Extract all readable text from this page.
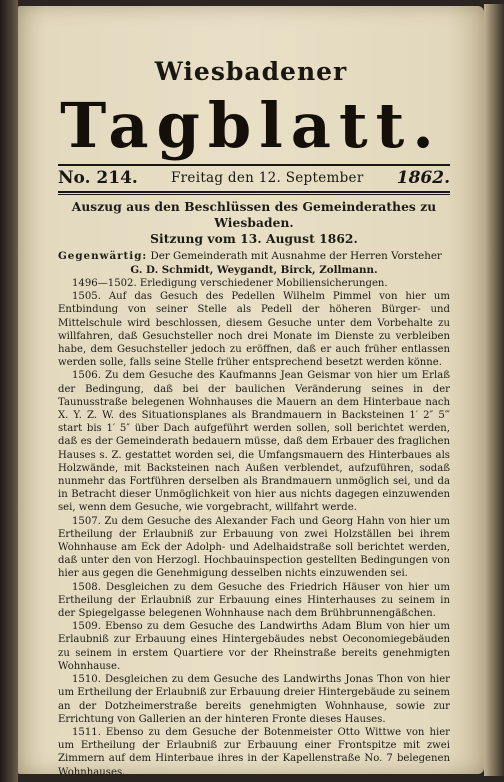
Wiesbadener
Tagblatt.
No. 214. Freitag den 12. September 1862.
Auszug aus den Beschlüssen des Gemeinderathes zu Wiesbaden.
Sitzung vom 13. August 1862.
Gegenwärtig: Der Gemeinderath mit Ausnahme der Herren Vorsteher
G. D. Schmidt, Weygandt, Birck, Zollmann.

1496—1502. Erledigung verschiedener Mobiliensicherungen.

1505. Auf das Gesuch des Pedellen Wilhelm Pimmel von hier um Entbindung von seiner Stelle als Pedell der höheren Bürger- und Mittelschule wird beschlossen, diesem Gesuche unter dem Vorbehalte zu willfahren, daß Gesuchsteller noch drei Monate im Dienste zu verbleiben habe, dem Gesuchsteller jedoch zu eröffnen, daß er auch früher entlassen werden solle, falls seine Stelle früher entsprechend besetzt werden könne.

1506. Zu dem Gesuche des Kaufmanns Jean Geismar von hier um Erlaß der Bedingung, daß bei der baulichen Veränderung seines in der Taunusstraße belegenen Wohnhauses die Mauern an dem Hinterbaue nach X. Y. Z. W. des Situationsplanes als Brandmauern in Backsteinen 1′ 2″ 5‴ start bis 1′ 5″ über Dach aufgeführt werden sollen, soll berichtet werden, daß es der Gemeinderath bedauern müsse, daß dem Erbauer des fraglichen Hauses s. Z. gestattet worden sei, die Umfangsmauern des Hinterbaues als Holzwände, mit Backsteinen nach Außen verblendet, aufzuführen, sodaß nunmehr das Fortführen derselben als Brandmauern unmöglich sei, und da in Betracht dieser Unmöglichkeit von hier aus nichts dagegen einzuwenden sei, wenn dem Gesuche, wie vorgebracht, willfahrt werde.

1507. Zu dem Gesuche des Alexander Fach und Georg Hahn von hier um Ertheilung der Erlaubniß zur Erbauung von zwei Holzställen bei ihrem Wohnhause am Eck der Adolph- und Adelhaidstraße soll berichtet werden, daß unter den von Herzogl. Hochbauinspection gestellten Bedingungen von hier aus gegen die Genehmigung desselben nichts einzuwenden sei.

1508. Desgleichen zu dem Gesuche des Friedrich Häuser von hier um Ertheilung der Erlaubniß zur Erbauung eines Hinterhauses zu seinem in der Spiegelgasse belegenen Wohnhause nach dem Brühbrunnengäßchen.

1509. Ebenso zu dem Gesuche des Landwirths Adam Blum von hier um Erlaubniß zur Erbauung eines Hintergebäudes nebst Oeconomiegebäuden zu seinem in erstem Quartiere vor der Rheinstraße bereits genehmigten Wohnhause.

1510. Desgleichen zu dem Gesuche des Landwirths Jonas Thon von hier um Ertheilung der Erlaubniß zur Erbauung dreier Hintergebäude zu seinem an der Dotzheimerstraße bereits genehmigten Wohnhause, sowie zur Errichtung von Gallerien an der hinteren Fronte dieses Hauses.

1511. Ebenso zu dem Gesuche der Botenmeister Otto Wittwe von hier um Ertheilung der Erlaubniß zur Erbauung einer Frontspitze mit zwei Zimmern auf dem Hinterbaue ihres in der Kapellenstraße No. 7 belegenen Wohnhauses.
